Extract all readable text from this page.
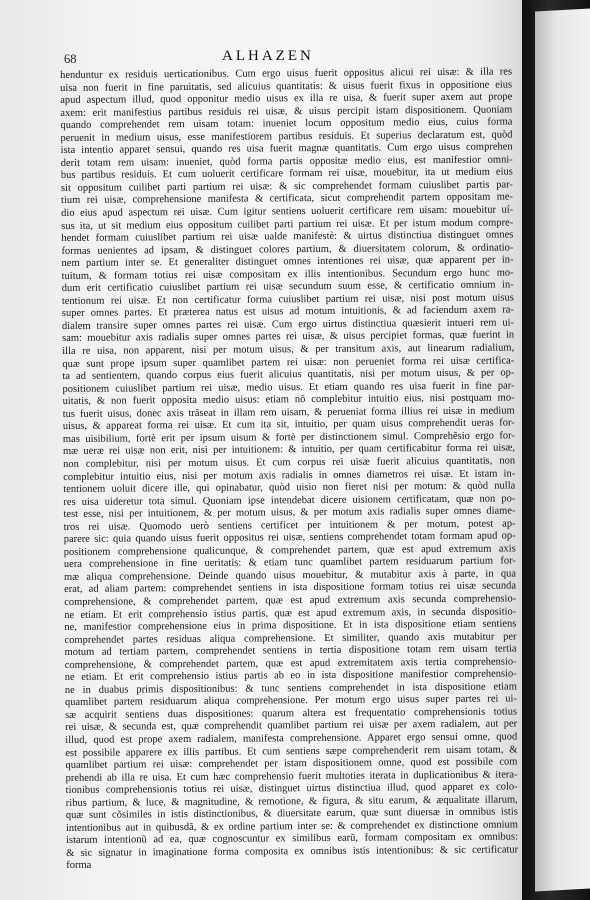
68	ALHAZEN
henduntur ex residuis uerticationibus. Cum ergo uisus fuerit oppositus alicui rei uisæ: & illa res
uisa non fuerit in fine paruitatis, sed alicuius quantitatis: & uisus fuerit fixus in oppositione eius
apud aspectum illud, quod opponitur medio uisus ex illa re uisa, & fuerit super axem aut prope
axem: erit manifestius partibus residuis rei uisæ, & uisus percipit istam dispositionem. Quoniam
quando comprehendet rem uisam totam: inueniet locum oppositum medio eius, cuius forma
peruenit in medium uisus, esse manifestiorem partibus residuis. Et superius declaratum est, quòd
ista intentio apparet sensui, quando res uisa fuerit magnæ quantitatis. Cum ergo uisus comprehen
derit totam rem uisam: inueniet, quòd forma partis oppositæ medio eius, est manifestior omni-
bus partibus residuis. Et cum uoluerit certificare formam rei uisæ, mouebitur, ita ut medium eius
sit oppositum cuilibet parti partium rei uisæ: & sic comprehendet formam cuiuslibet partis par-
tium rei uisæ, comprehensione manifesta & certificata, sicut comprehendit partem oppositam me-
dio eius apud aspectum rei uisæ. Cum igitur sentiens uoluerit certificare rem uisam: mouebitur uí-
sus ita, ut sit medium eius oppositum cuilibet parti partium rei uisæ. Et per istum modum compre-
hendet formam cuiuslibet partium rei uisæ ualde manifestè: & uirtus distinctiua distinguet omnes
formas uenientes ad ipsam, & distinguet colores partium, & diuersitatem colorum, & ordinatio-
nem partium inter se. Et generaliter distinguet omnes intentiones rei uisæ, quæ apparent per in-
tuitum, & formam totius rei uisæ compositam ex illis intentionibus. Secundum ergo hunc mo-
dum erit certificatio cuiuslibet partium rei uisæ secundum suum esse, & certificatio omnium in-
tentionum rei uisæ. Et non certificatur forma cuiuslibet partium rei uisæ, nisi post motum uisus
super omnes partes. Et præterea natus est uisus ad motum intuitionis, & ad faciendum axem ra-
dialem transire super omnes partes rei uisæ. Cum ergo uirtus distinctiua quæsierit intueri rem ui-
sam: mouebitur axis radialis super omnes partes rei uisæ, & uisus percipiet formas, quæ fuerint in
illa re uisa, non apparent, nisi per motum uisus, & per transitum axis, aut linearum radialium,
quæ sunt prope ipsum super quamlibet partem rei uisæ: non perueniet forma rei uisæ certifica-
ta ad sentientem, quando corpus eius fuerit alicuius quantitatis, nisi per motum uisus, & per op-
positionem cuiuslibet partium rei uisæ, medio uisus. Et etiam quando res uisa fuerit in fine par-
uitatis, & non fuerit opposita medio uisus: etiam nõ complebitur intuitio eius, nisi postquam mo-
tus fuerit uisus, donec axis trãseat in illam rem uisam, & perueniat forma illius rei uisæ in medium
uisus, & appareat forma rei uisæ. Et cum ita sit, intuitio, per quam uisus comprehendit ueras for-
mas uisibilium, fortè erit per ipsum uisum & fortè per distinctionem simul. Comprehẽsio ergo for-
mæ ueræ rei uisæ non erit, nisi per intuitionem: & intuitio, per quam certificabitur forma rei uisæ,
non complebitur, nisi per motum uisus. Et cum corpus rei uisæ fuerit alicuius quantitatis, non
complebitur intuitio eius, nisi per motum axis radialis in omnes diametros rei uisæ. Et istam in-
tentionem uoluit dicere ille, qui opinabatur, quòd uisio non fieret nisi per motum: & quòd nulla
res uisa uideretur tota simul. Quoniam ipse intendebat dicere uisionem certificatam, quæ non po-
test esse, nisi per intuitionem, & per motum uisus, & per motum axis radialis super omnes diame-
tros rei uisæ. Quomodo uerò sentiens certificet per intuitionem & per motum, potest ap-
parere sic: quia quando uisus fuerit oppositus rei uisæ, sentiens comprehendet totam formam apud op-
positionem comprehensione qualicunque, & comprehendet partem, quæ est apud extremum axis
uera comprehensione in fine ueritatis: & etiam tunc quamlibet partem residuarum partium for-
mæ aliqua comprehensione. Deinde quando uisus mouebitur, & mutabitur axis à parte, in qua
erat, ad aliam partem: comprehendet sentiens in ista dispositione formam totius rei uisæ secunda
comprehensione, & comprehendet partem, quæ est apud extremum axis secunda comprehensio-
ne etiam. Et erit comprehensio istius partis, quæ est apud extremum axis, in secunda dispositio-
ne, manifestior comprehensione eius in prima dispositione. Et in ista dispositione etiam sentiens
comprehendet partes residuas aliqua comprehensione. Et similiter, quando axis mutabitur per
motum ad tertiam partem, comprehendet sentiens in tertia dispositione totam rem uisam tertia
comprehensione, & comprehendet partem, quæ est apud extremitatem axis tertia comprehensio-
ne etiam. Et erit comprehensio istius partis ab eo in ista dispositione manifestior comprehensio-
ne in duabus primis dispositionibus: & tunc sentiens comprehendet in ista dispositione etiam
quamlibet partem residuarum aliqua comprehensione. Per motum ergo uisus super partes rei ui-
sæ acquirit sentiens duas dispositiones: quarum altera est frequentatio comprehensionis totius
rei uisæ, & secunda est, quæ comprehendit quamlibet partium rei uisæ per axem radialem, aut per
illud, quod est prope axem radialem, manifesta comprehensione. Apparet ergo sensui omne, quod
est possibile apparere ex illis partibus. Et cum sentiens sæpe comprehenderit rem uisam totam, &
quamlibet partium rei uisæ: comprehendet per istam dispositionem omne, quod est possibile com
prehendi ab illa re uisa. Et cum hæc comprehensio fuerit multoties iterata in duplicationibus & itera-
tionibus comprehensionis totius rei uisæ, distinguet uirtus distinctiua illud, quod apparet ex colo-
ribus partium, & luce, & magnitudine, & remotione, & figura, & situ earum, & æqualitate illarum,
quæ sunt cõsimiles in istis distinctionibus, & diuersitate earum, quæ sunt diuersæ in omnibus istis
intentionibus aut in quibusdã, & ex ordine partium inter se: & comprehendet ex distinctione omnium
istarum intentionũ ad ea, quæ cognoscuntur ex similibus earũ, formam compositam ex omnibus:
& sic signatur in imaginatione forma composita ex omnibus istis intentionibus: & sic certificatur
forma
